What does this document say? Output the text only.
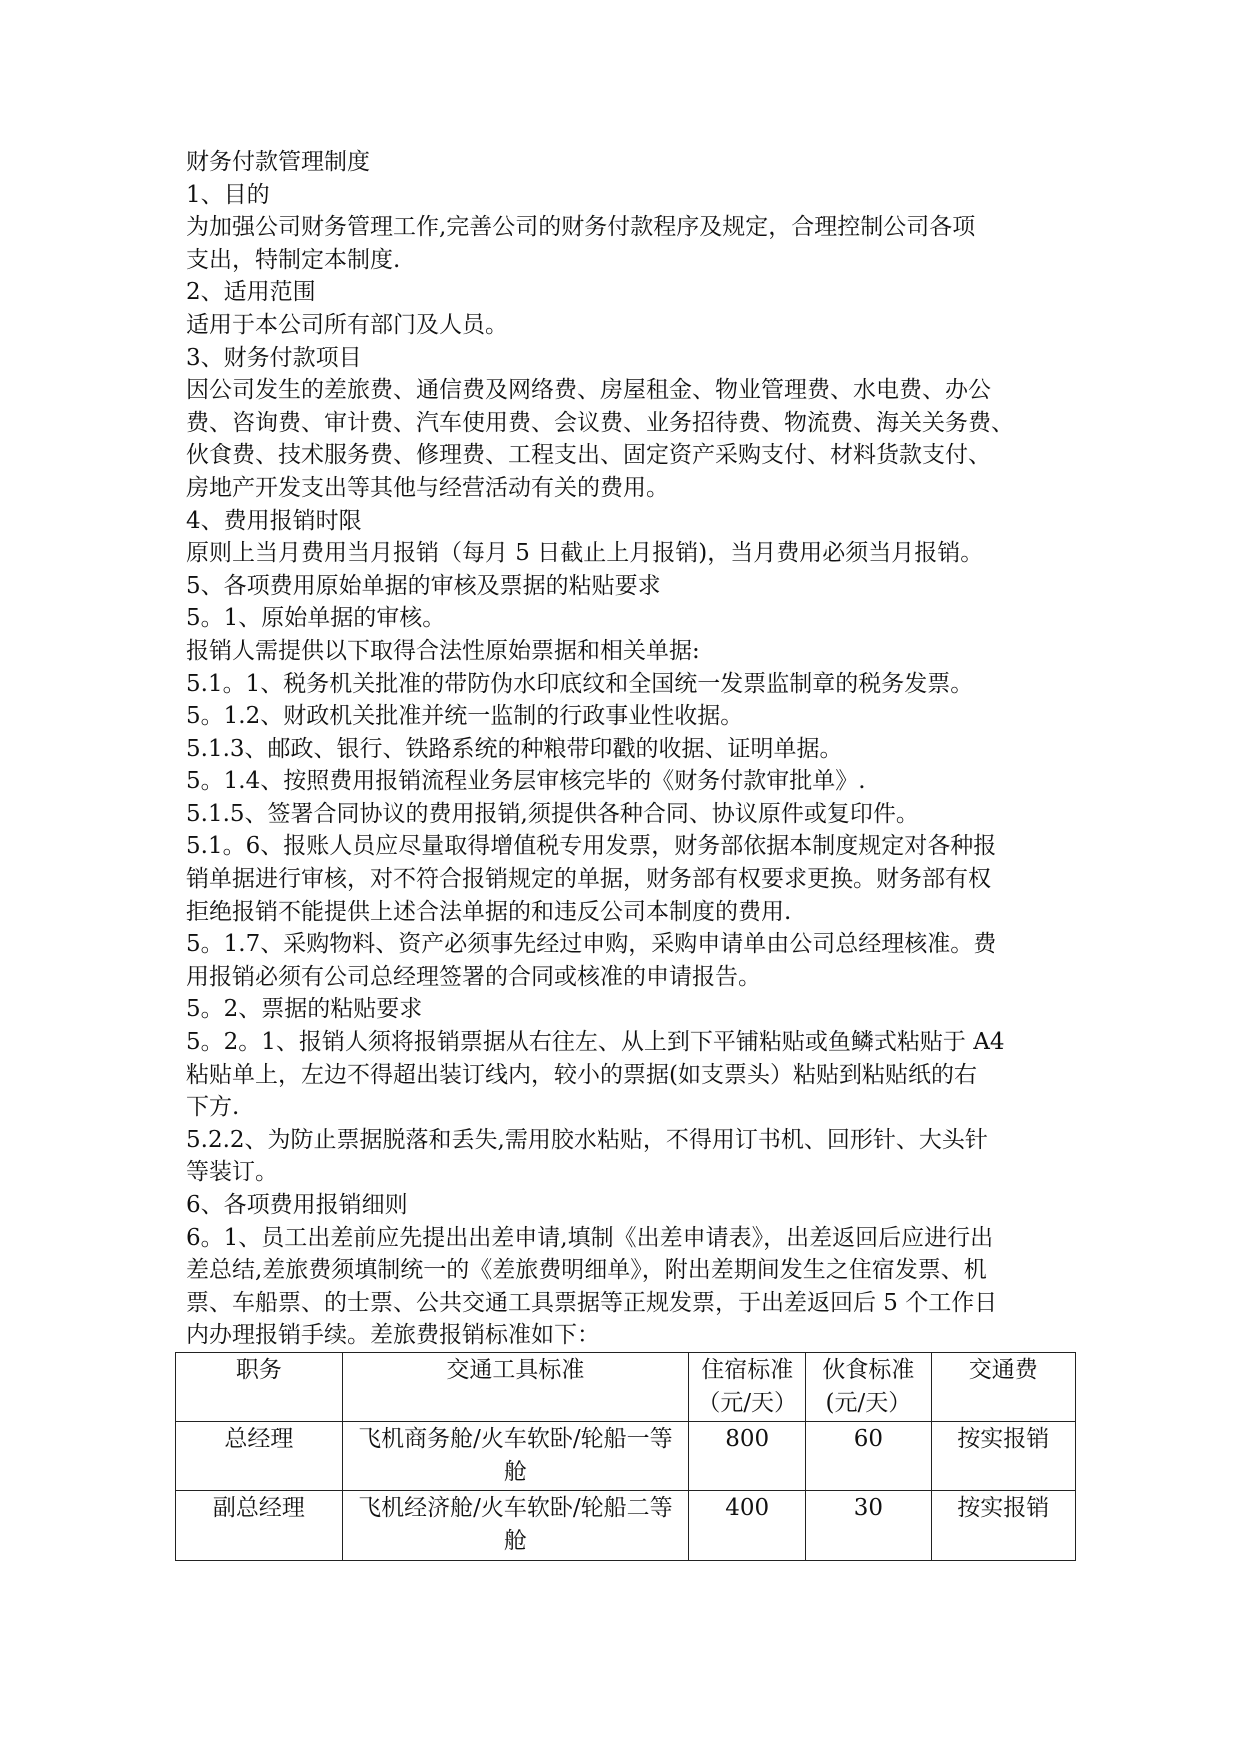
财务付款管理制度
1、目的
为加强公司财务管理工作,完善公司的财务付款程序及规定，合理控制公司各项
支出，特制定本制度.
2、适用范围
适用于本公司所有部门及人员。
3、财务付款项目
因公司发生的差旅费、通信费及网络费、房屋租金、物业管理费、水电费、办公
费、咨询费、审计费、汽车使用费、会议费、业务招待费、物流费、海关关务费、
伙食费、技术服务费、修理费、工程支出、固定资产采购支付、材料货款支付、
房地产开发支出等其他与经营活动有关的费用。
4、费用报销时限
原则上当月费用当月报销（每月 5 日截止上月报销)，当月费用必须当月报销。
5、各项费用原始单据的审核及票据的粘贴要求
5。1、原始单据的审核。
报销人需提供以下取得合法性原始票据和相关单据:
5.1。1、税务机关批准的带防伪水印底纹和全国统一发票监制章的税务发票。
5。1.2、财政机关批准并统一监制的行政事业性收据。
5.1.3、邮政、银行、铁路系统的种粮带印戳的收据、证明单据。
5。1.4、按照费用报销流程业务层审核完毕的《财务付款审批单》.
5.1.5、签署合同协议的费用报销,须提供各种合同、协议原件或复印件。
5.1。6、报账人员应尽量取得增值税专用发票，财务部依据本制度规定对各种报
销单据进行审核，对不符合报销规定的单据，财务部有权要求更换。财务部有权
拒绝报销不能提供上述合法单据的和违反公司本制度的费用.
5。1.7、采购物料、资产必须事先经过申购，采购申请单由公司总经理核准。费
用报销必须有公司总经理签署的合同或核准的申请报告。
5。2、票据的粘贴要求
5。2。1、报销人须将报销票据从右往左、从上到下平铺粘贴或鱼鳞式粘贴于 A4
粘贴单上，左边不得超出装订线内，较小的票据(如支票头）粘贴到粘贴纸的右
下方.
5.2.2、为防止票据脱落和丢失,需用胶水粘贴，不得用订书机、回形针、大头针
等装订。
6、各项费用报销细则
6。1、员工出差前应先提出出差申请,填制《出差申请表》，出差返回后应进行出
差总结,差旅费须填制统一的《差旅费明细单》，附出差期间发生之住宿发票、机
票、车船票、的士票、公共交通工具票据等正规发票，于出差返回后 5 个工作日
内办理报销手续。差旅费报销标准如下：
职务	交通工具标准	住宿标准（元/天）	伙食标准(元/天）	交通费
总经理	飞机商务舱/火车软卧/轮船一等舱	800	60	按实报销
副总经理	飞机经济舱/火车软卧/轮船二等舱	400	30	按实报销
